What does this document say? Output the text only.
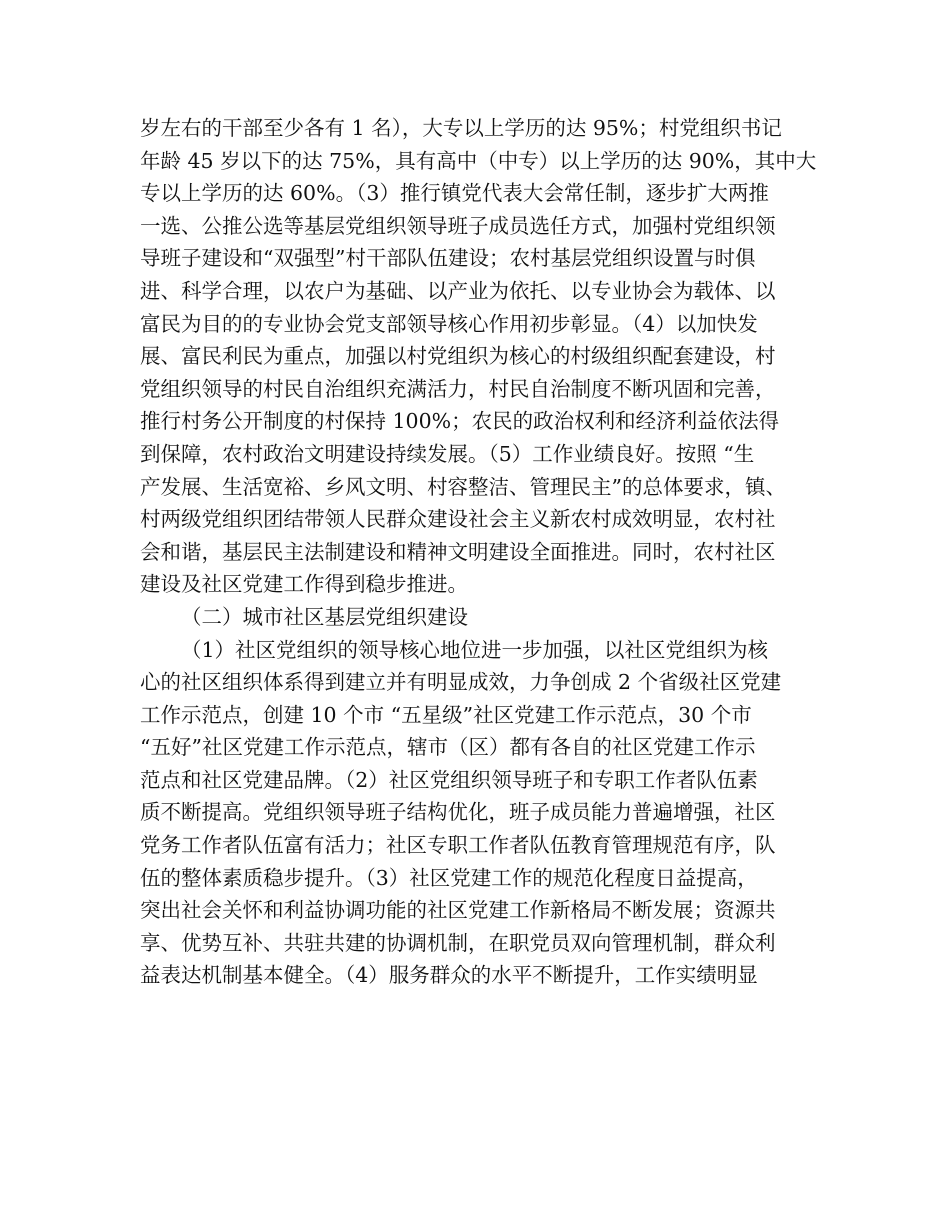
岁左右的干部至少各有 1 名），大专以上学历的达 95%；村党组织书记
年龄 45 岁以下的达 75%，具有高中（中专）以上学历的达 90%，其中大
专以上学历的达 60%。（3）推行镇党代表大会常任制，逐步扩大两推
一选、公推公选等基层党组织领导班子成员选任方式，加强村党组织领
导班子建设和“双强型”村干部队伍建设；农村基层党组织设置与时俱
进、科学合理，以农户为基础、以产业为依托、以专业协会为载体、以
富民为目的的专业协会党支部领导核心作用初步彰显。（4）以加快发
展、富民利民为重点，加强以村党组织为核心的村级组织配套建设，村
党组织领导的村民自治组织充满活力，村民自治制度不断巩固和完善，
推行村务公开制度的村保持 100%；农民的政治权利和经济利益依法得
到保障，农村政治文明建设持续发展。（5）工作业绩良好。按照 “生
产发展、生活宽裕、乡风文明、村容整洁、管理民主”的总体要求，镇、
村两级党组织团结带领人民群众建设社会主义新农村成效明显，农村社
会和谐，基层民主法制建设和精神文明建设全面推进。同时，农村社区
建设及社区党建工作得到稳步推进。
（二）城市社区基层党组织建设
（1）社区党组织的领导核心地位进一步加强，以社区党组织为核
心的社区组织体系得到建立并有明显成效，力争创成 2 个省级社区党建
工作示范点，创建 10 个市 “五星级”社区党建工作示范点，30 个市
“五好”社区党建工作示范点，辖市（区）都有各自的社区党建工作示
范点和社区党建品牌。（2）社区党组织领导班子和专职工作者队伍素
质不断提高。党组织领导班子结构优化，班子成员能力普遍增强，社区
党务工作者队伍富有活力；社区专职工作者队伍教育管理规范有序，队
伍的整体素质稳步提升。（3）社区党建工作的规范化程度日益提高，
突出社会关怀和利益协调功能的社区党建工作新格局不断发展；资源共
享、优势互补、共驻共建的协调机制，在职党员双向管理机制，群众利
益表达机制基本健全。（4）服务群众的水平不断提升，工作实绩明显
